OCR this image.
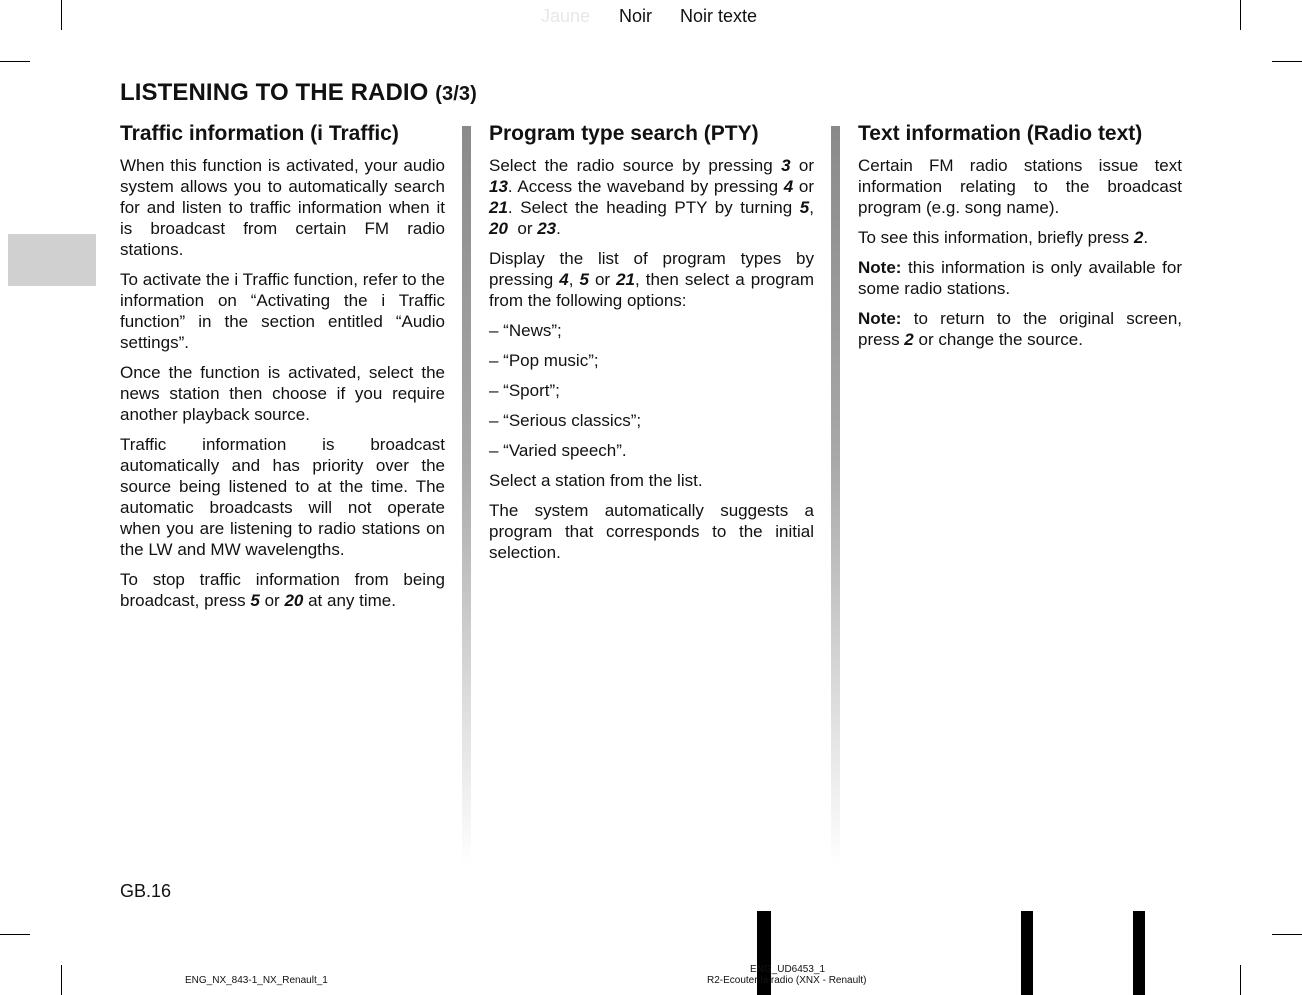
Jaune Noir Noir texte
LISTENING TO THE RADIO (3/3)
Traffic information (i Traffic)

When this function is activated, your audio system allows you to automatically search for and listen to traffic information when it is broadcast from certain FM radio stations.

To activate the i Traffic function, refer to the information on “Activating the i Traffic function” in the section entitled “Audio settings”.

Once the function is activated, select the news station then choose if you require another playback source.

Traffic information is broadcast automatically and has priority over the source being listened to at the time. The automatic broadcasts will not operate when you are listening to radio stations on the LW and MW wavelengths.

To stop traffic information from being broadcast, press 5 or 20 at any time.

Program type search (PTY)

Select the radio source by pressing 3 or 13. Access the waveband by pressing 4 or 21. Select the heading PTY by turning 5, 20  or 23.

Display the list of program types by pressing 4, 5 or 21, then select a program from the following options:

– “News”;
– “Pop music”;
– “Sport”;
– “Serious classics”;
– “Varied speech”.

Select a station from the list.

The system automatically suggests a program that corresponds to the initial selection.

Text information (Radio text)

Certain FM radio stations issue text information relating to the broadcast program (e.g. song name).

To see this information, briefly press 2.

Note: this information is only available for some radio stations.

Note: to return to the original screen, press 2 or change the source.

GB.16
ENG_NX_843-1_NX_Renault_1
ENG_UD6453_1
R2-Ecouter la radio (XNX - Renault)
